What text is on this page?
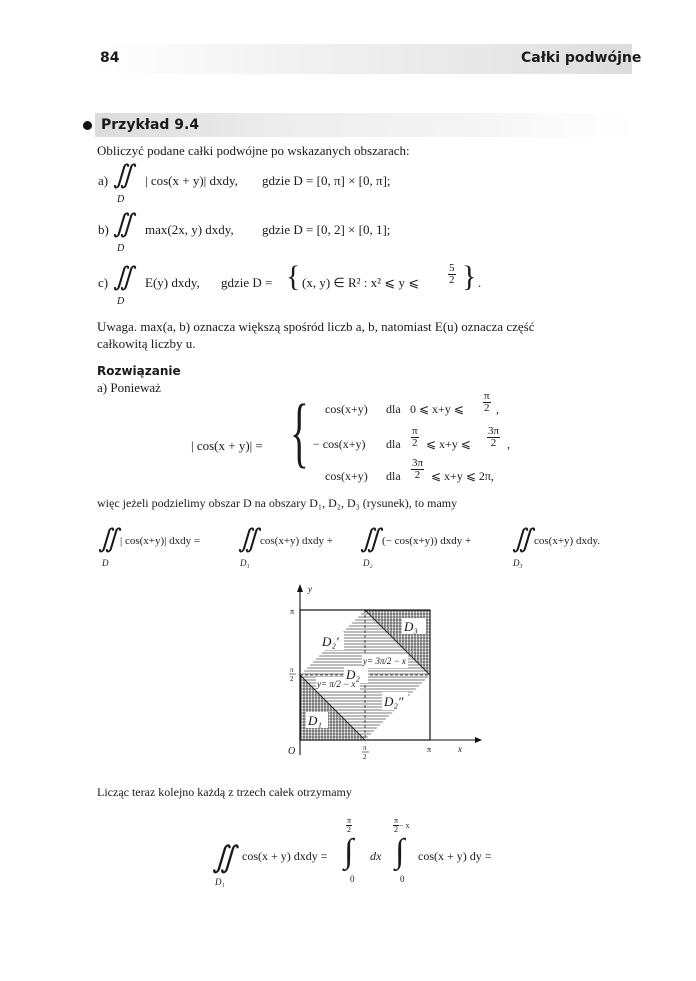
84	Całki podwójne
Przykład 9.4
Obliczyć podane całki podwójne po wskazanych obszarach:
a) ∬
D
| cos(x + y)| dxdy, gdzie D = [0, π] × [0, π];
b) ∬
D
max(2x, y) dxdy, gdzie D = [0, 2] × [0, 1];
c) ∬
D
E(y) dxdy, gdzie D = { (x, y) ∈ R² : x² ⩽ y ⩽	$\frac{5}{2}$ } .
Uwaga. max(a, b) oznacza większą spośród liczb a, b, natomiast E(u) oznacza część
całkowitą liczby u.
Rozwiązanie
a) Ponieważ
| cos(x + y)| = { cos(x+y) dla 0 ⩽ x+y ⩽ $\frac{\pi}{2}$ ,
− cos(x+y) dla $\frac{\pi}{2}$ ⩽ x+y ⩽ $\frac{3\pi}{2}$ ,
cos(x+y) dla $\frac{3\pi}{2}$ ⩽ x+y ⩽ 2π,
więc jeżeli podzielimy obszar D na obszary D₁, D₂, D₃ (rysunek), to mamy
∬ | cos(x+y)| dxdy =
D
∬ cos(x+y) dxdy +
D₁
∬ (− cos(x+y)) dxdy +
D₂
∬ cos(x+y) dxdy.
D₃
D₃
D₂′
y= 3π/2 − x
D₂
y= π/2 − x
D₂″
D₁
y
x
O
π
π
2
π
2
π
Licząc teraz kolejno każdą z trzech całek otrzymamy
∬
D₁
cos(x + y) dxdy =
$\frac{\pi}{2}$
∫
0
dx
$\frac{\pi}{2} - x$
∫
0
cos(x + y) dy =
